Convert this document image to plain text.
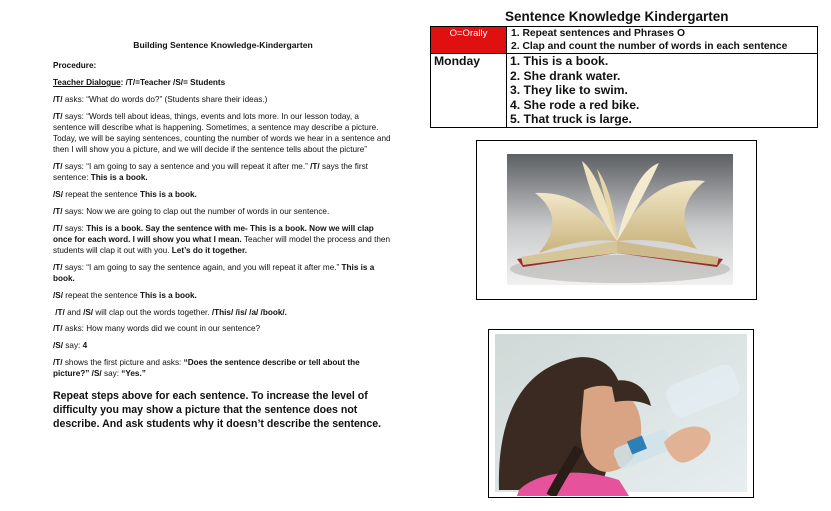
Building Sentence Knowledge-Kindergarten
Procedure:
Teacher Dialogue: /T/=Teacher /S/= Students
/T/ asks: “What do words do?” (Students share their ideas.)
/T/ says: “Words tell about ideas, things, events and lots more. In our lesson today, a sentence will describe what is happening. Sometimes, a sentence may describe a picture. Today, we will be saying sentences, counting the number of words we hear in a sentence and then I will show you a picture, and we will decide if the sentence tells about the picture”
/T/ says: “I am going to say a sentence and you will repeat it after me.” /T/ says the first sentence: This is a book.
/S/ repeat the sentence This is a book.
/T/ says: Now we are going to clap out the number of words in our sentence.
/T/ says: This is a book. Say the sentence with me- This is a book. Now we will clap once for each word. I will show you what I mean. Teacher will model the process and then students will clap it out with you. Let’s do it together.
/T/ says: “I am going to say the sentence again, and you will repeat it after me.” This is a book.
/S/ repeat the sentence This is a book.
/T/ and /S/ will clap out the words together. /This/ /is/ /a/ /book/.
/T/ asks: How many words did we count in our sentence?
/S/ say: 4
/T/ shows the first picture and asks: “Does the sentence describe or tell about the picture?” /S/ say: “Yes.”
Repeat steps above for each sentence. To increase the level of difficulty you may show a picture that the sentence does not describe. And ask students why it doesn’t describe the sentence.
Sentence Knowledge Kindergarten
O=Orally	1. Repeat sentences and Phrases O
2. Clap and count the number of words in each sentence

Monday	1. This is a book.
2. She drank water.
3. They like to swim.
4. She rode a red bike.
5. That truck is large.
